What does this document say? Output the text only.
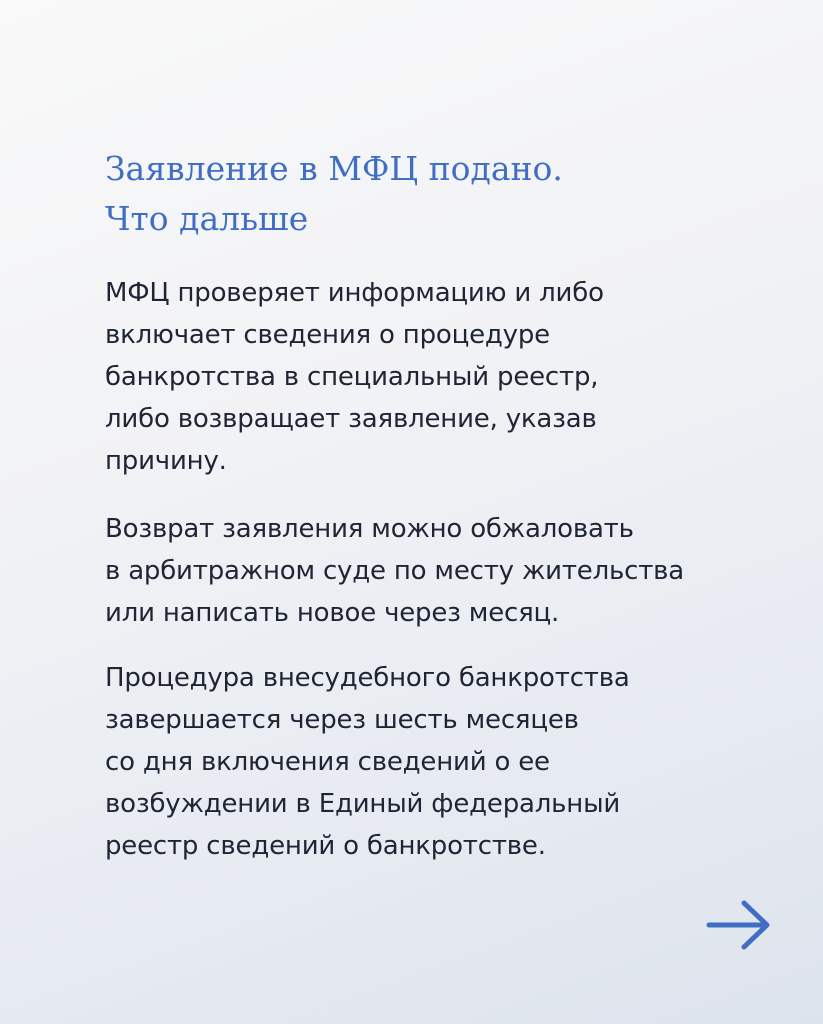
Заявление в МФЦ подано.
Что дальше

МФЦ проверяет информацию и либо
включает сведения о процедуре
банкротства в специальный реестр,
либо возвращает заявление, указав
причину.

Возврат заявления можно обжаловать
в арбитражном суде по месту жительства
или написать новое через месяц.

Процедура внесудебного банкротства
завершается через шесть месяцев
со дня включения сведений о ее
возбуждении в Единый федеральный
реестр сведений о банкротстве.
